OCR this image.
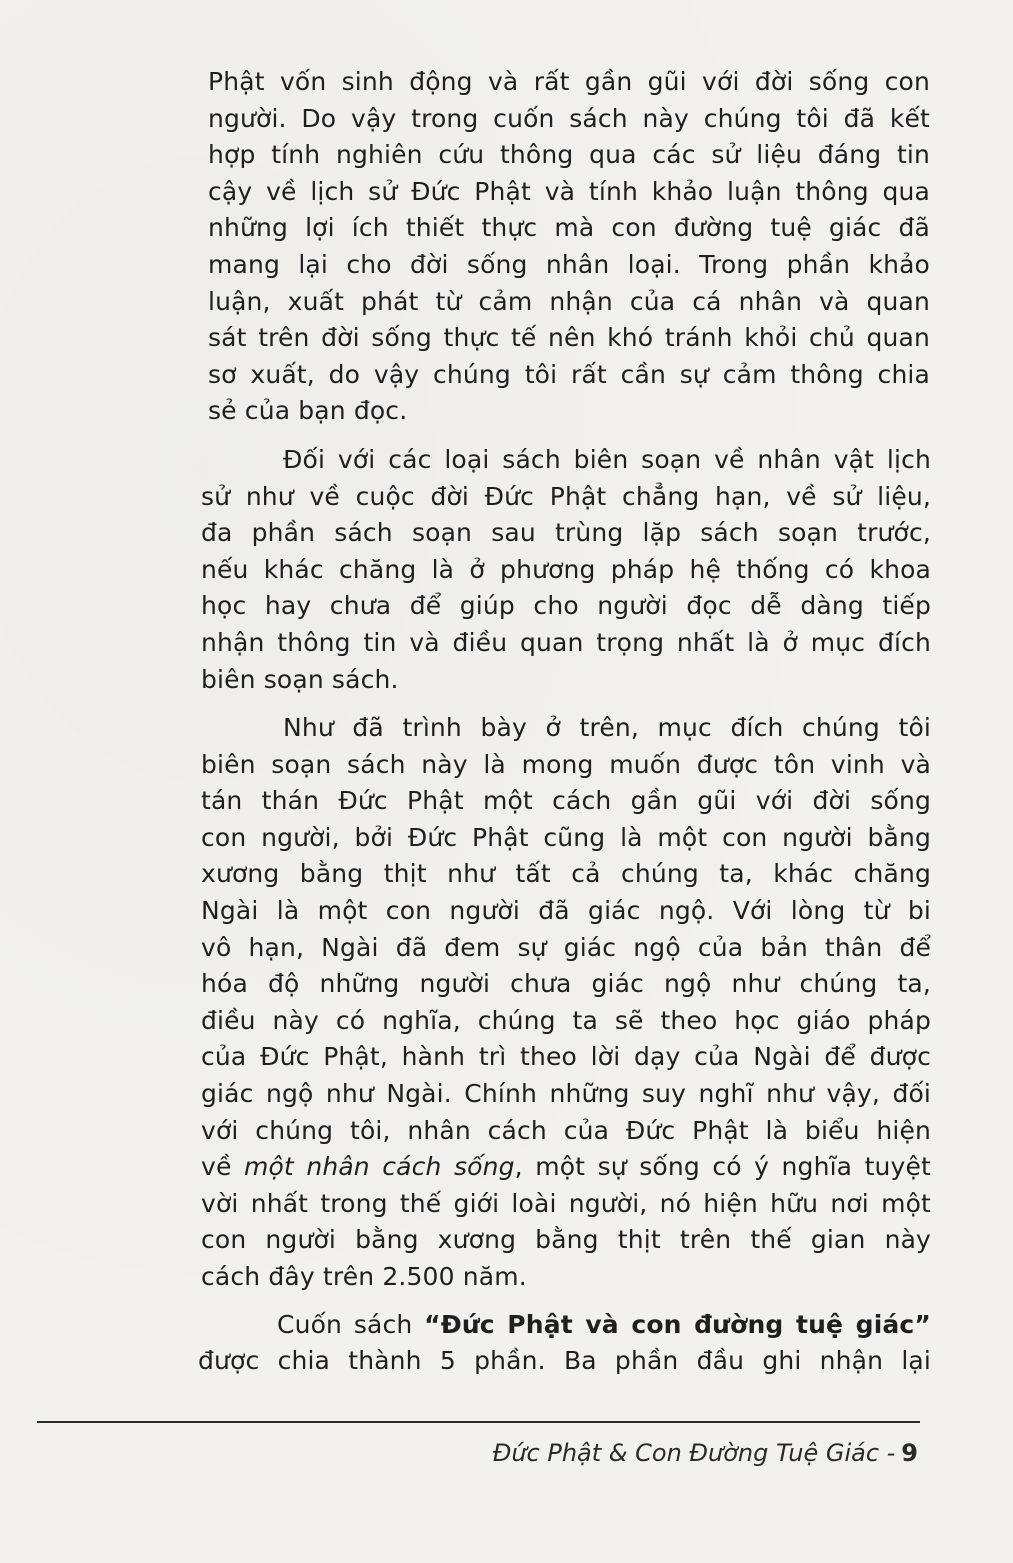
Phật vốn sinh động và rất gần gũi với đời sống con
người. Do vậy trong cuốn sách này chúng tôi đã kết
hợp tính nghiên cứu thông qua các sử liệu đáng tin
cậy về lịch sử Đức Phật và tính khảo luận thông qua
những lợi ích thiết thực mà con đường tuệ giác đã
mang lại cho đời sống nhân loại. Trong phần khảo
luận, xuất phát từ cảm nhận của cá nhân và quan
sát trên đời sống thực tế nên khó tránh khỏi chủ quan
sơ xuất, do vậy chúng tôi rất cần sự cảm thông chia
sẻ của bạn đọc.

Đối với các loại sách biên soạn về nhân vật lịch
sử như về cuộc đời Đức Phật chẳng hạn, về sử liệu,
đa phần sách soạn sau trùng lặp sách soạn trước,
nếu khác chăng là ở phương pháp hệ thống có khoa
học hay chưa để giúp cho người đọc dễ dàng tiếp
nhận thông tin và điều quan trọng nhất là ở mục đích
biên soạn sách.

Như đã trình bày ở trên, mục đích chúng tôi
biên soạn sách này là mong muốn được tôn vinh và
tán thán Đức Phật một cách gần gũi với đời sống
con người, bởi Đức Phật cũng là một con người bằng
xương bằng thịt như tất cả chúng ta, khác chăng
Ngài là một con người đã giác ngộ. Với lòng từ bi
vô hạn, Ngài đã đem sự giác ngộ của bản thân để
hóa độ những người chưa giác ngộ như chúng ta,
điều này có nghĩa, chúng ta sẽ theo học giáo pháp
của Đức Phật, hành trì theo lời dạy của Ngài để được
giác ngộ như Ngài. Chính những suy nghĩ như vậy, đối
với chúng tôi, nhân cách của Đức Phật là biểu hiện
về một nhân cách sống, một sự sống có ý nghĩa tuyệt
vời nhất trong thế giới loài người, nó hiện hữu nơi một
con người bằng xương bằng thịt trên thế gian này
cách đây trên 2.500 năm.

Cuốn sách “Đức Phật và con đường tuệ giác”
được chia thành 5 phần. Ba phần đầu ghi nhận lại

Đức Phật & Con Đường Tuệ Giác - 9
